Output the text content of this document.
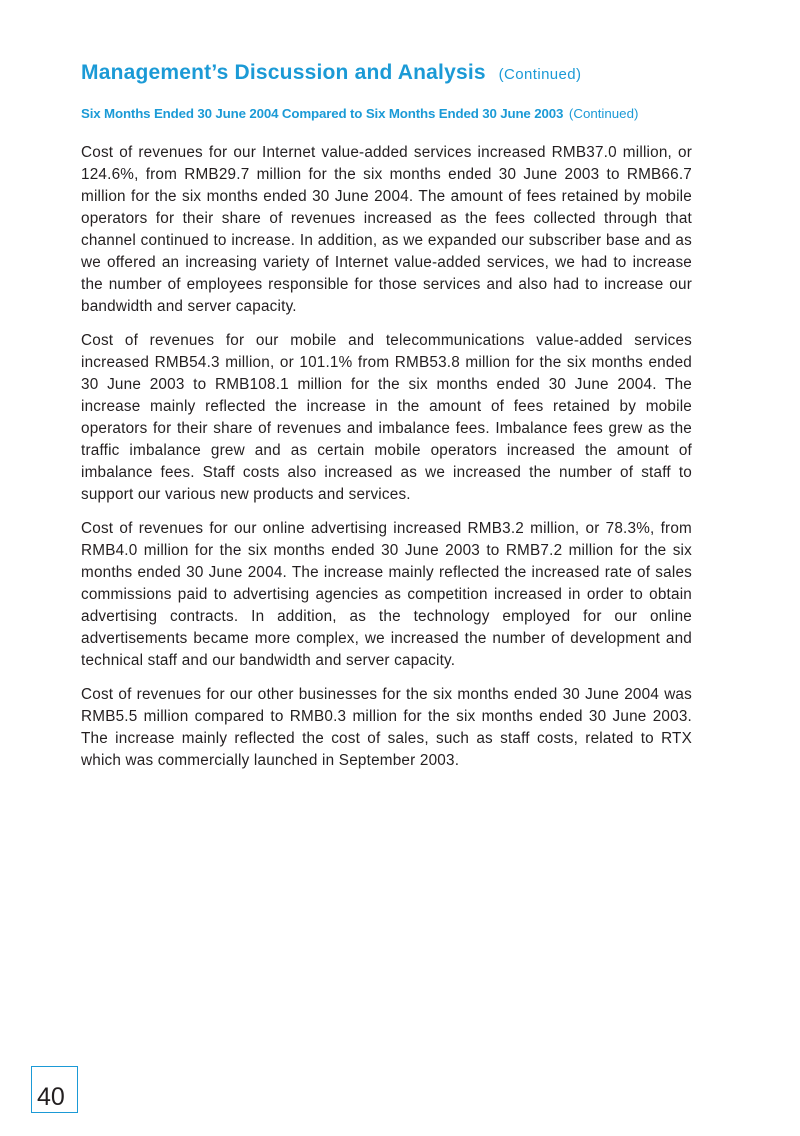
Management’s Discussion and Analysis (Continued)
Six Months Ended 30 June 2004 Compared to Six Months Ended 30 June 2003 (Continued)

Cost of revenues for our Internet value-added services increased RMB37.0 million, or 124.6%, from RMB29.7 million for the six months ended 30 June 2003 to RMB66.7 million for the six months ended 30 June 2004. The amount of fees retained by mobile operators for their share of revenues increased as the fees collected through that channel continued to increase. In addition, as we expanded our subscriber base and as we offered an increasing variety of Internet value-added services, we had to increase the number of employees responsible for those services and also had to increase our bandwidth and server capacity.

Cost of revenues for our mobile and telecommunications value-added services increased RMB54.3 million, or 101.1% from RMB53.8 million for the six months ended 30 June 2003 to RMB108.1 million for the six months ended 30 June 2004. The increase mainly reflected the increase in the amount of fees retained by mobile operators for their share of revenues and imbalance fees. Imbalance fees grew as the traffic imbalance grew and as certain mobile operators increased the amount of imbalance fees. Staff costs also increased as we increased the number of staff to support our various new products and services.

Cost of revenues for our online advertising increased RMB3.2 million, or 78.3%, from RMB4.0 million for the six months ended 30 June 2003 to RMB7.2 million for the six months ended 30 June 2004. The increase mainly reflected the increased rate of sales commissions paid to advertising agencies as competition increased in order to obtain advertising contracts. In addition, as the technology employed for our online advertisements became more complex, we increased the number of development and technical staff and our bandwidth and server capacity.

Cost of revenues for our other businesses for the six months ended 30 June 2004 was RMB5.5 million compared to RMB0.3 million for the six months ended 30 June 2003. The increase mainly reflected the cost of sales, such as staff costs, related to RTX which was commercially launched in September 2003.

40
